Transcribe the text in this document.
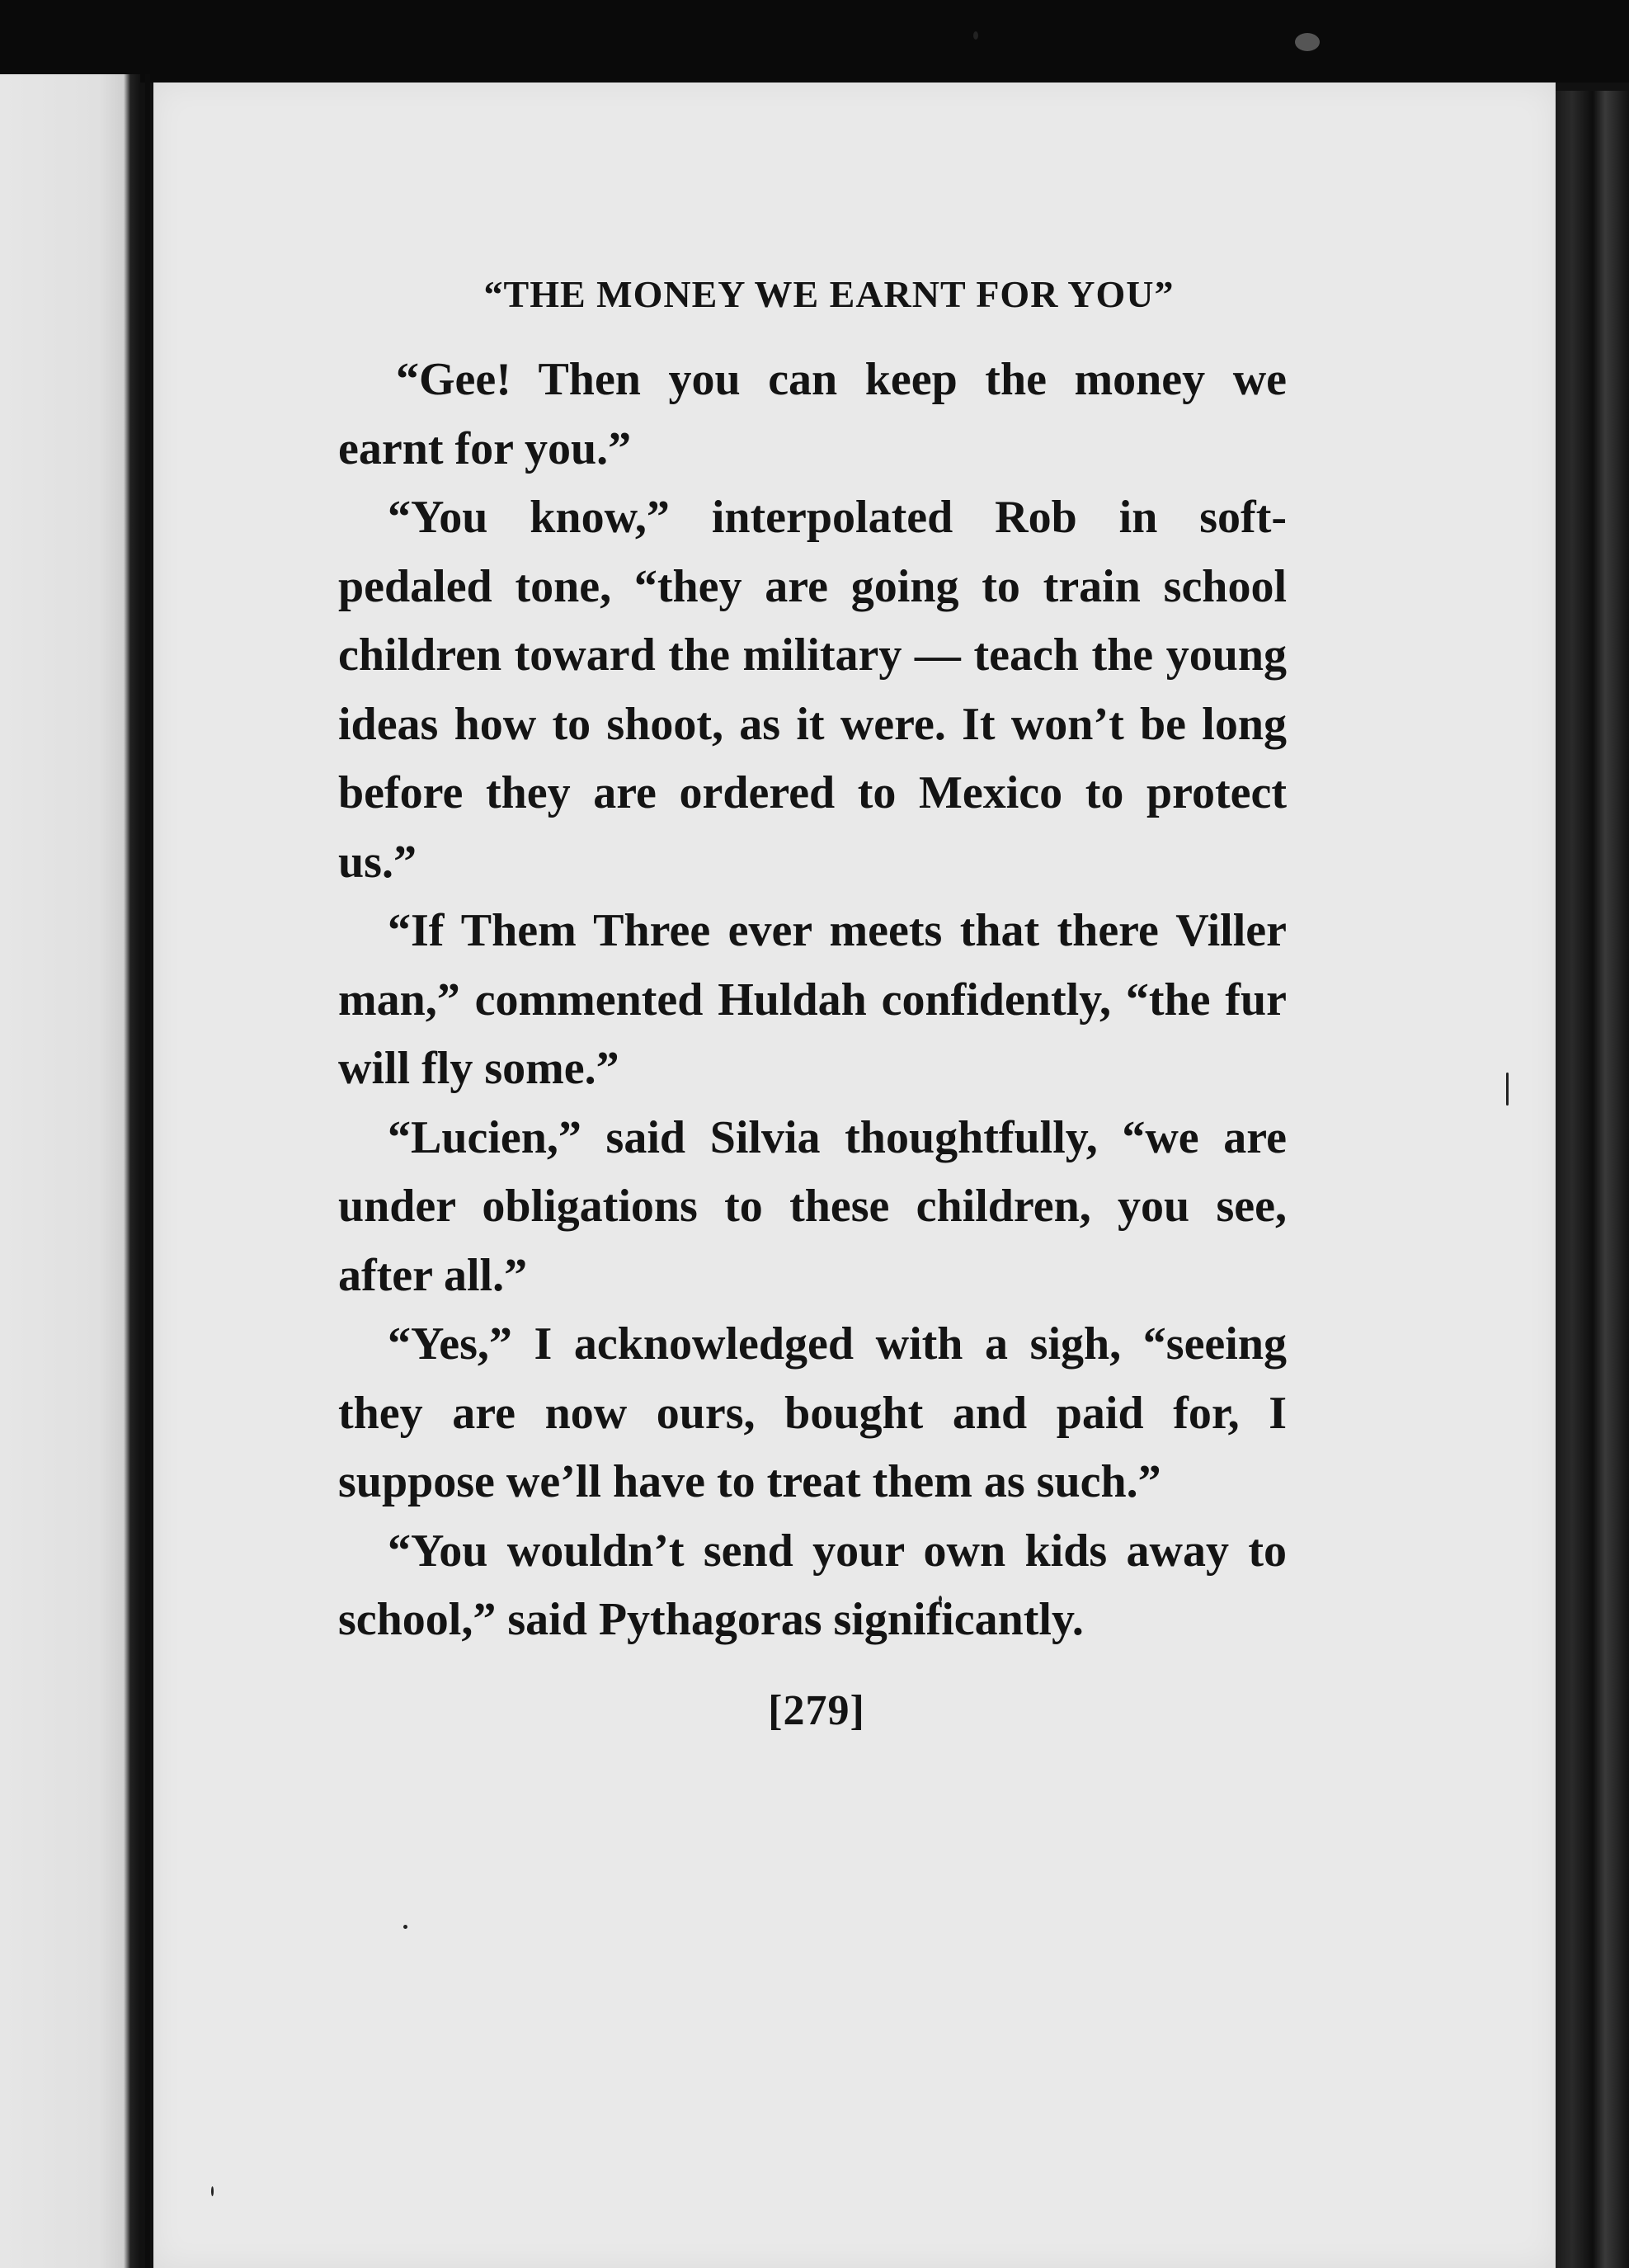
“THE MONEY WE EARNT FOR YOU”

“Gee! Then you can keep the money we earnt for you.”

“You know,” interpolated Rob in soft-pedaled tone, “they are going to train school children toward the military — teach the young ideas how to shoot, as it were. It won’t be long before they are ordered to Mexico to protect us.”

“If Them Three ever meets that there Viller man,” commented Huldah confidently, “the fur will fly some.”

“Lucien,” said Silvia thoughtfully, “we are under obligations to these children, you see, after all.”

“Yes,” I acknowledged with a sigh, “seeing they are now ours, bought and paid for, I suppose we’ll have to treat them as such.”

“You wouldn’t send your own kids away to school,” said Pythagoras significantly.

[279]
